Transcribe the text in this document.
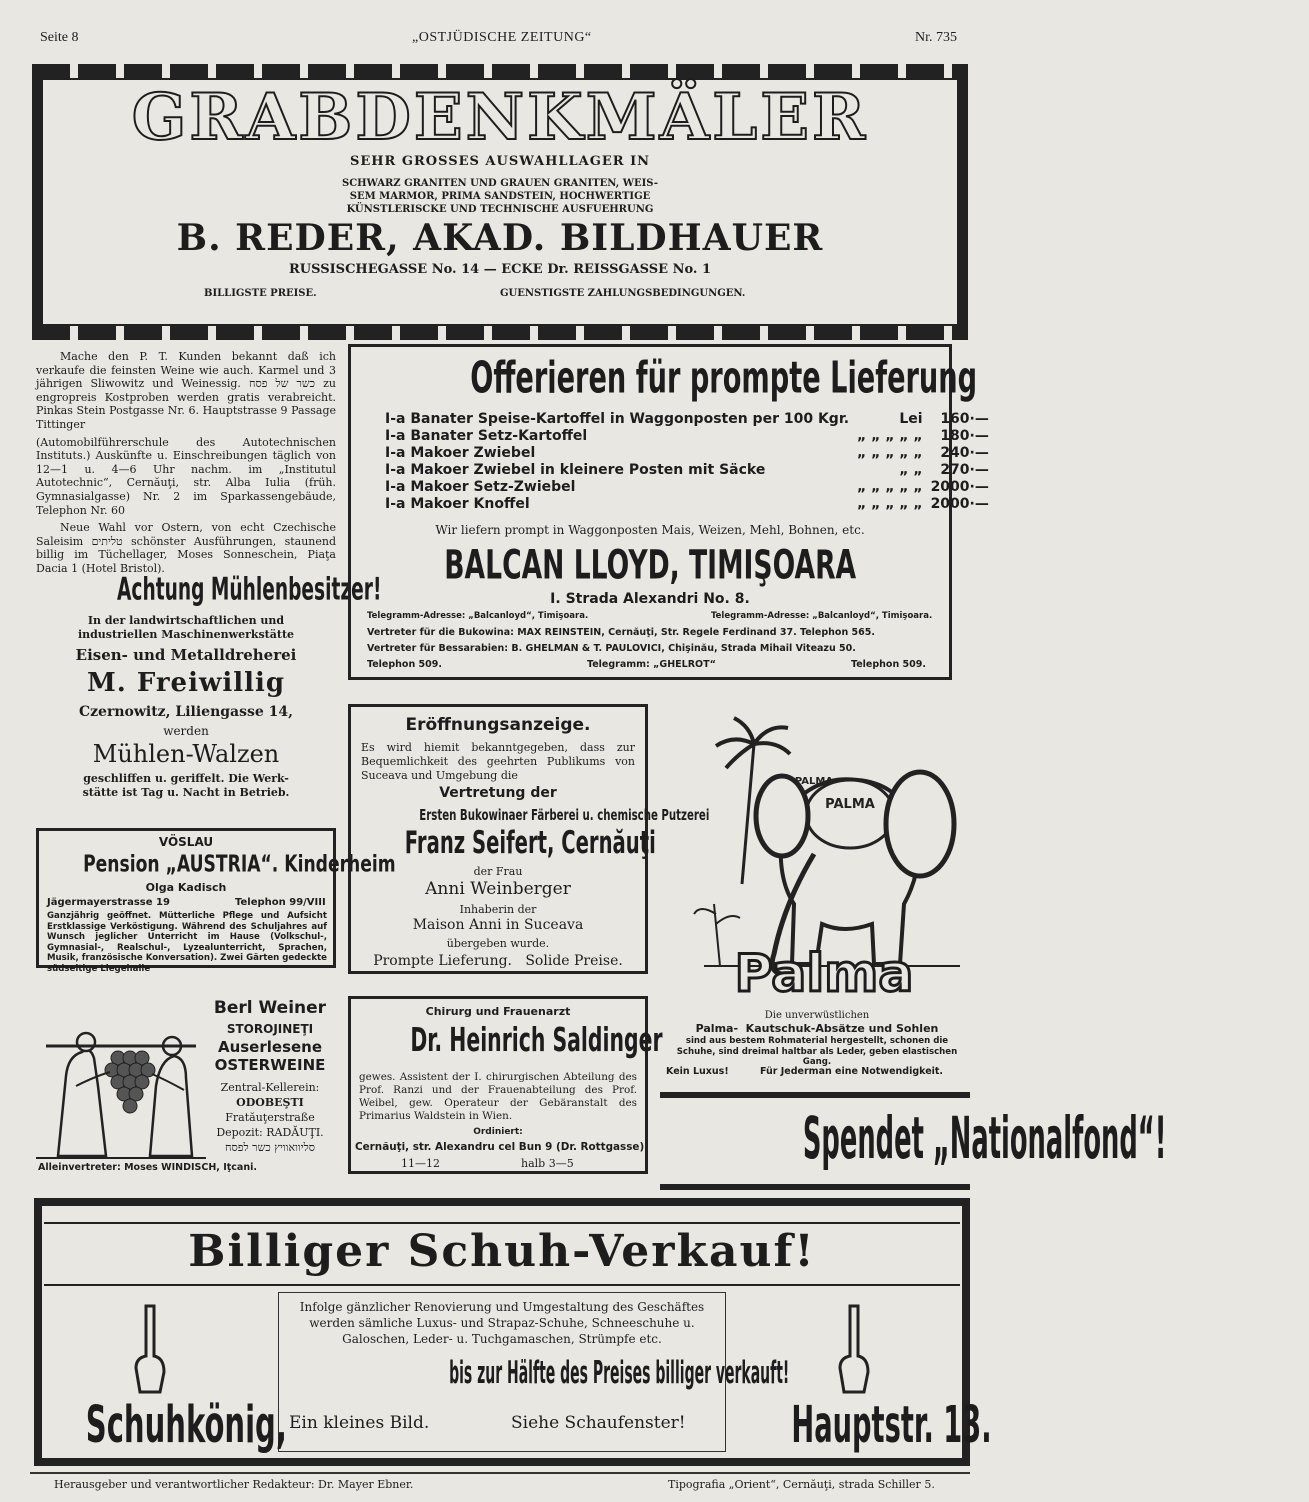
Seite 8	„OSTJÜDISCHE ZEITUNG“	Nr. 735
GRABDENKMÄLER
SEHR GROSSES AUSWAHLLAGER IN
SCHWARZ GRANITEN UND GRAUEN GRANITEN, WEIS-
SEM MARMOR, PRIMA SANDSTEIN, HOCHWERTIGE
KÜNSTLERISCKE UND TECHNISCHE AUSFUEHRUNG
B. REDER, AKAD. BILDHAUER
RUSSISCHEGASSE No. 14 — ECKE Dr. REISSGASSE No. 1
BILLIGSTE PREISE.	GUENSTIGSTE ZAHLUNGSBEDINGUNGEN.
Mache den P. T. Kunden bekannt daß ich verkaufe die feinsten Weine wie auch. Karmel und 3 jährigen Sliwowitz und Weinessig. כשר של פסח zu engropreis Kostproben werden gratis verabreicht. Pinkas Stein Postgasse Nr. 6. Hauptstrasse 9 Passage Tittinger
(Automobilführerschule des Autotechnischen Instituts.) Auskünfte u. Einschreibungen täglich von 12—1 u. 4—6 Uhr nachm. im „Institutul Autotechnic“, Cernăuţi, str. Alba Iulia (früh. Gymnasialgasse) Nr. 2 im Sparkassengebäude, Telephon Nr. 60
Neue Wahl vor Ostern, von echt Czechische Saleisim טליתים schönster Ausführungen, staunend billig im Tüchellager, Moses Sonneschein, Piaţa Dacia 1 (Hotel Bristol).
Achtung Mühlenbesitzer!
In der landwirtschaftlichen und
industriellen Maschinenwerkstätte
Eisen- und Metalldreherei
M. Freiwillig
Czernowitz, Liliengasse 14,
werden
Mühlen-Walzen
geschliffen u. geriffelt. Die Werk-
stätte ist Tag u. Nacht in Betrieb.
VÖSLAU
Pension „AUSTRIA“. Kinderheim
Olga Kadisch
Jägermayerstrasse 19	Telephon 99/VIII
Ganzjährig geöffnet. Mütterliche Pflege und Aufsicht Erstklassige Verköstigung. Während des Schuljahres auf Wunsch jeglicher Unterricht im Hause (Volkschul-, Gymnasial-, Realschul-, Lyzealunterricht, Sprachen, Musik, französische Konversation). Zwei Gärten gedeckte südseitige Liegehalle
Berl Weiner
STOROJINEŢI
Auserlesene
OSTERWEINE
Zentral-Kellerein:
ODOBEŞTI
Fratăuţerstraße
Depozit: RADĂUŢI.
סליוואוויץ כשר לפסח
Alleinvertreter: Moses WINDISCH, Iţcani.
Offerieren für prompte Lieferung
I-a Banater Speise-Kartoffel in Waggonposten per 100 Kgr.	Lei	160·—
I-a Banater Setz-Kartoffel	„ „ „ „ „	180·—
I-a Makoer Zwiebel	„ „ „ „ „	240·—
I-a Makoer Zwiebel in kleinere Posten mit Säcke	„ „	270·—
I-a Makoer Setz-Zwiebel	„ „ „ „ „	2000·—
I-a Makoer Knoffel	„ „ „ „ „	2000·—
Wir liefern prompt in Waggonposten Mais, Weizen, Mehl, Bohnen, etc.
BALCAN LLOYD, TIMIŞOARA
I. Strada Alexandri No. 8.
Telegramm-Adresse: „Balcanloyd“, Timişoara.	Telegramm-Adresse: „Balcanloyd“, Timişoara.
Vertreter für die Bukowina: MAX REINSTEIN, Cernăuţi, Str. Regele Ferdinand 37. Telephon 565.
Vertreter für Bessarabien: B. GHELMAN & T. PAULOVICI, Chişinău, Strada Mihail Viteazu 50.
Telephon 509.	Telegramm: „GHELROT“	Telephon 509.
Eröffnungsanzeige.
Es wird hiemit bekanntgegeben, dass zur Bequemlichkeit des geehrten Publikums von Suceava und Umgebung die
Vertretung der
Ersten Bukowinaer Färberei u. chemische Putzerei
Franz Seifert, Cernăuţi
der Frau
Anni Weinberger
Inhaberin der
Maison Anni in Suceava
übergeben wurde.
Prompte Lieferung.   Solide Preise.
Chirurg und Frauenarzt
Dr. Heinrich Saldinger
gewes. Assistent der I. chirurgischen Abteilung des Prof. Ranzi und der Frauenabteilung des Prof. Weibel, gew. Operateur der Gebäranstalt des Primarius Waldstein in Wien.
Ordiniert:
Cernăuţi, str. Alexandru cel Bun 9 (Dr. Rottgasse)
11—12	halb 3—5
PALMA
PALMA
Palma
Die unverwüstlichen
Palma-  Kautschuk-Absätze und Sohlen
sind aus bestem Rohmaterial hergestellt, schonen die Schuhe, sind dreimal haltbar als Leder, geben elastischen Gang.
Kein Luxus!	Für Jederman eine Notwendigkeit.
Spendet „Nationalfond“!
Billiger Schuh-Verkauf!
Infolge gänzlicher Renovierung und Umgestaltung des Geschäftes werden sämliche Luxus- und Strapaz-Schuhe, Schneeschuhe u. Galoschen, Leder- u. Tuchgamaschen, Strümpfe etc.
bis zur Hälfte des Preises billiger verkauft!
Ein kleines Bild.	Siehe Schaufenster!
Schuhkönig,	Hauptstr. 13.
Herausgeber und verantwortlicher Redakteur: Dr. Mayer Ebner.	Tipografia „Orient“, Cernăuţi, strada Schiller 5.
